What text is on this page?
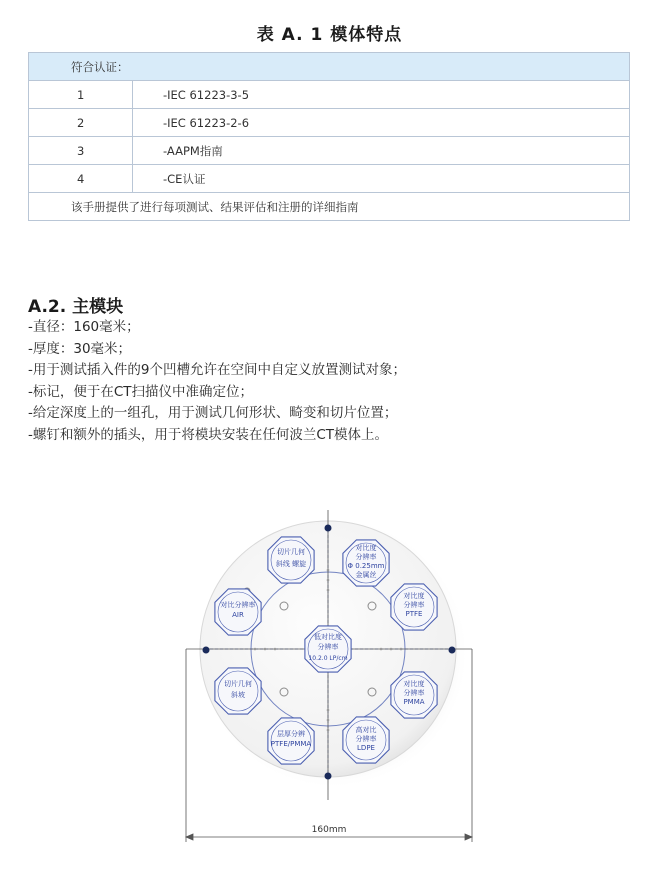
表 A. 1 模体特点
符合认证：	
1	-IEC 61223-3-5
2	-IEC 61223-2-6
3	-AAPM指南
4	-CE认证
该手册提供了进行每项测试、结果评估和注册的详细指南	
A.2. 主模块
-直径：160毫米；
-厚度：30毫米；
-用于测试插入件的9个凹槽允许在空间中自定义放置测试对象；
-标记，便于在CT扫描仪中准确定位；
-给定深度上的一组孔，用于测试几何形状、畸变和切片位置；
-螺钉和额外的插头，用于将模块安装在任何波兰CT模体上。
切片几何
斜线 螺旋
对比度
分辨率
Φ 0.25mm
金属丝
对比度
分辨率
PTFE
低对比度
分辨率
10.2.0 LP/cm
对比度
分辨率
PMMA
高对比
分辨率
LDPE
层厚分辨
PTFE/PMMA
切片几何
斜坡
对比分辨率
AIR
160mm
